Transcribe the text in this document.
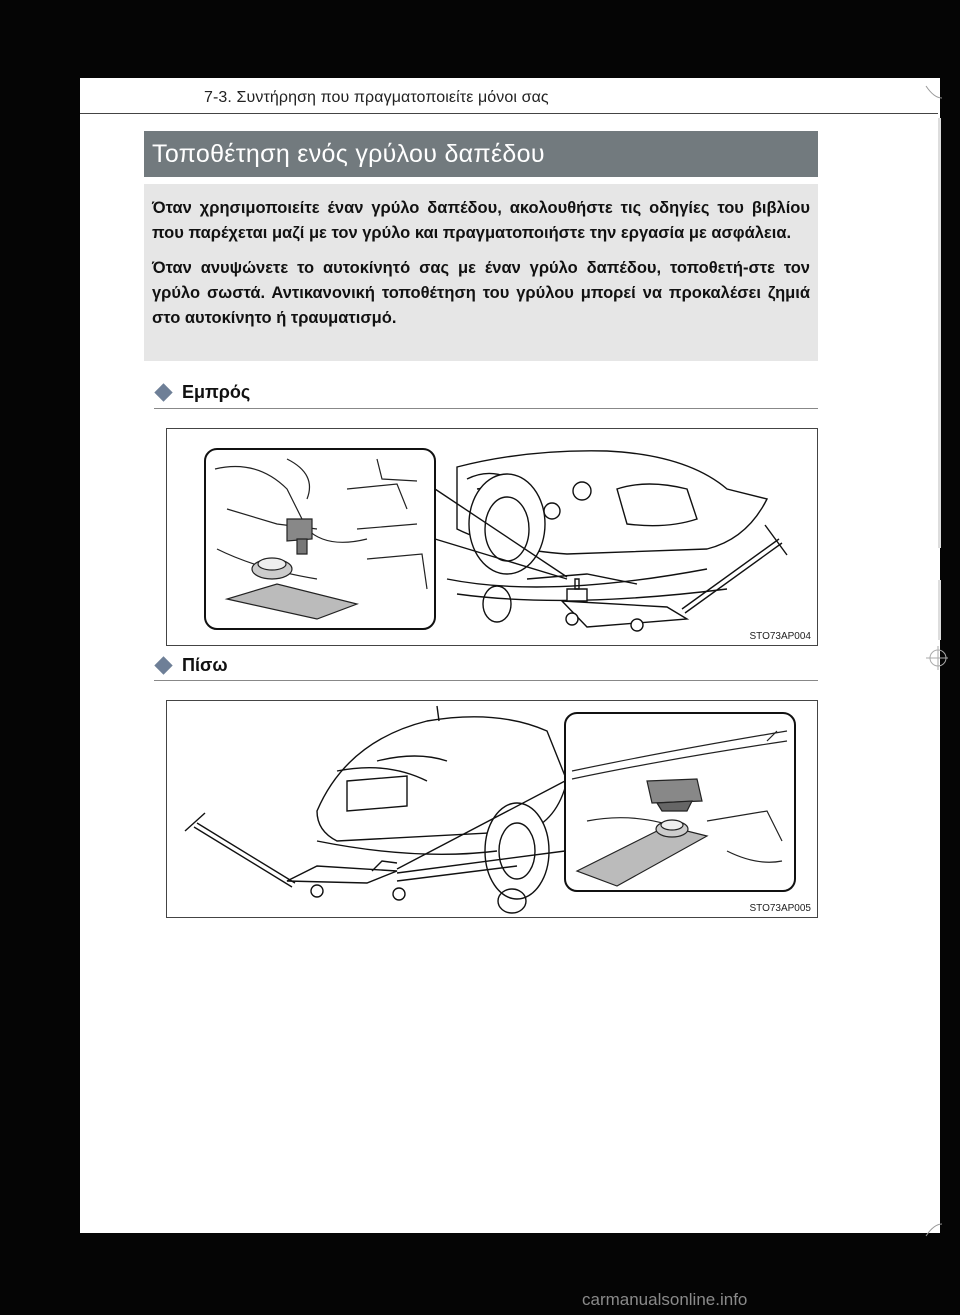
7-3. Συντήρηση που πραγματοποιείτε μόνοι σας
Τοποθέτηση ενός γρύλου δαπέδου

Όταν χρησιμοποιείτε έναν γρύλο δαπέδου, ακολουθήστε τις οδηγίες του βιβλίου που παρέχεται μαζί με τον γρύλο και πραγματοποιήστε την εργασία με ασφάλεια.

Όταν ανυψώνετε το αυτοκίνητό σας με έναν γρύλο δαπέδου, τοποθετή-στε τον γρύλο σωστά. Αντικανονική τοποθέτηση του γρύλου μπορεί να προκαλέσει ζημιά στο αυτοκίνητο ή τραυματισμό.

Εμπρός
STO73AP004
Πίσω
STO73AP005
carmanualsonline.info
